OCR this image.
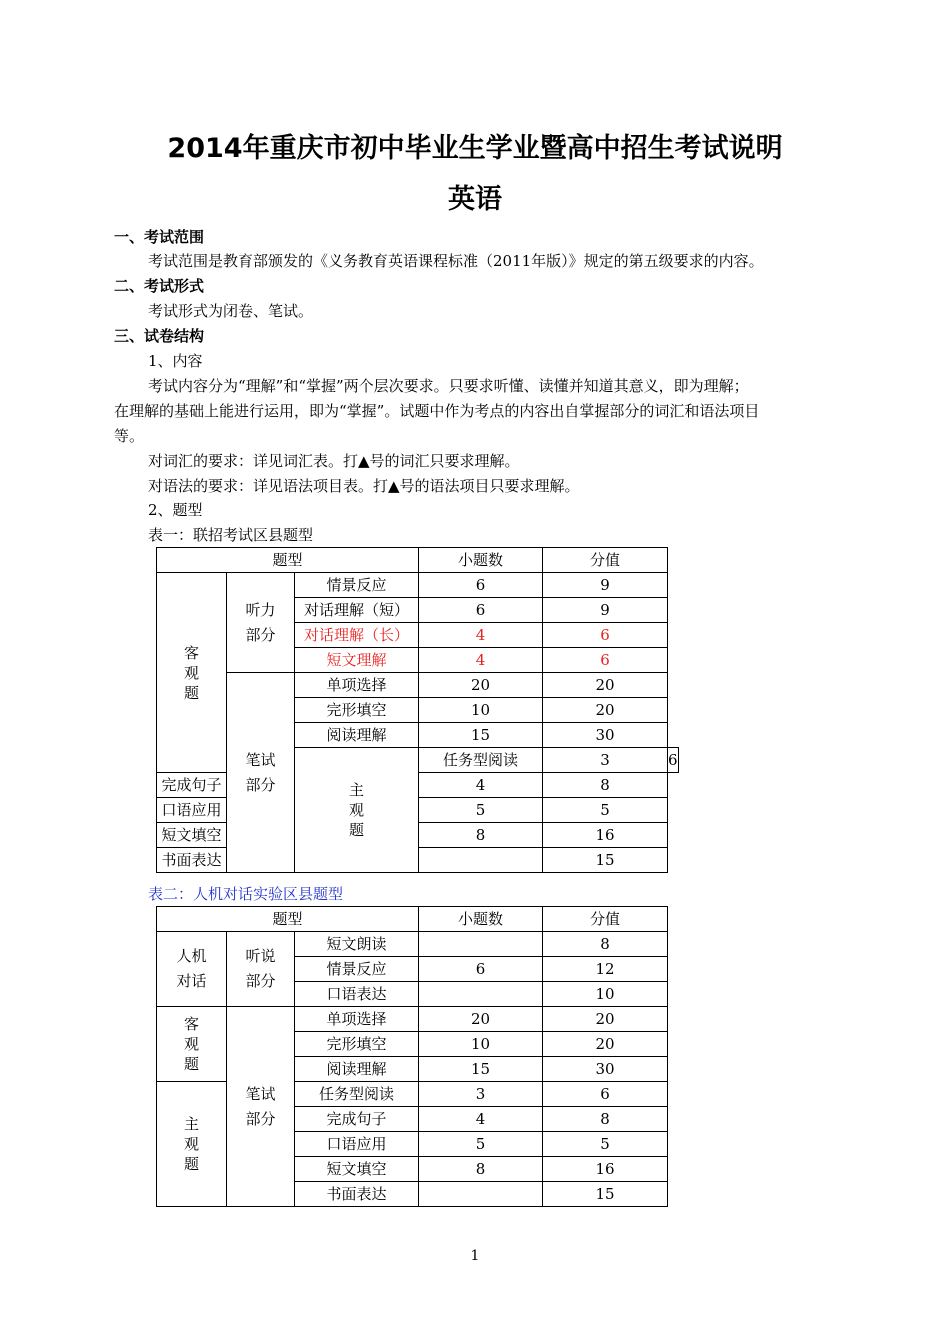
2014年重庆市初中毕业生学业暨高中招生考试说明
英语
一、考试范围
考试范围是教育部颁发的《义务教育英语课程标准（2011年版）》规定的第五级要求的内容。
二、考试形式
考试形式为闭卷、笔试。
三、试卷结构
1、内容
考试内容分为“理解”和“掌握”两个层次要求。只要求听懂、读懂并知道其意义，即为理解；
在理解的基础上能进行运用，即为“掌握”。试题中作为考点的内容出自掌握部分的词汇和语法项目
等。
对词汇的要求：详见词汇表。打▲号的词汇只要求理解。
对语法的要求：详见语法项目表。打▲号的语法项目只要求理解。
2、题型
表一：联招考试区县题型
题型			小题数	分值	
客观题	听力部分	情景反应	6	9	
		对话理解（短）	6	9	
		对话理解（长）	4	6	
		短文理解	4	6	
	笔试部分	单项选择	20	20	
		完形填空	10	20	
		阅读理解	15	30	
		主观题	任务型阅读	3	6
完成句子			4	8	
口语应用			5	5	
短文填空			8	16	
书面表达				15	
表二：人机对话实验区县题型
题型			小题数	分值
人机对话	听说部分	短文朗读		8
		情景反应	6	12
		口语表达		10
客观题	笔试部分	单项选择	20	20
		完形填空	10	20
		阅读理解	15	30
主观题		任务型阅读	3	6
		完成句子	4	8
		口语应用	5	5
		短文填空	8	16
		书面表达		15
1
